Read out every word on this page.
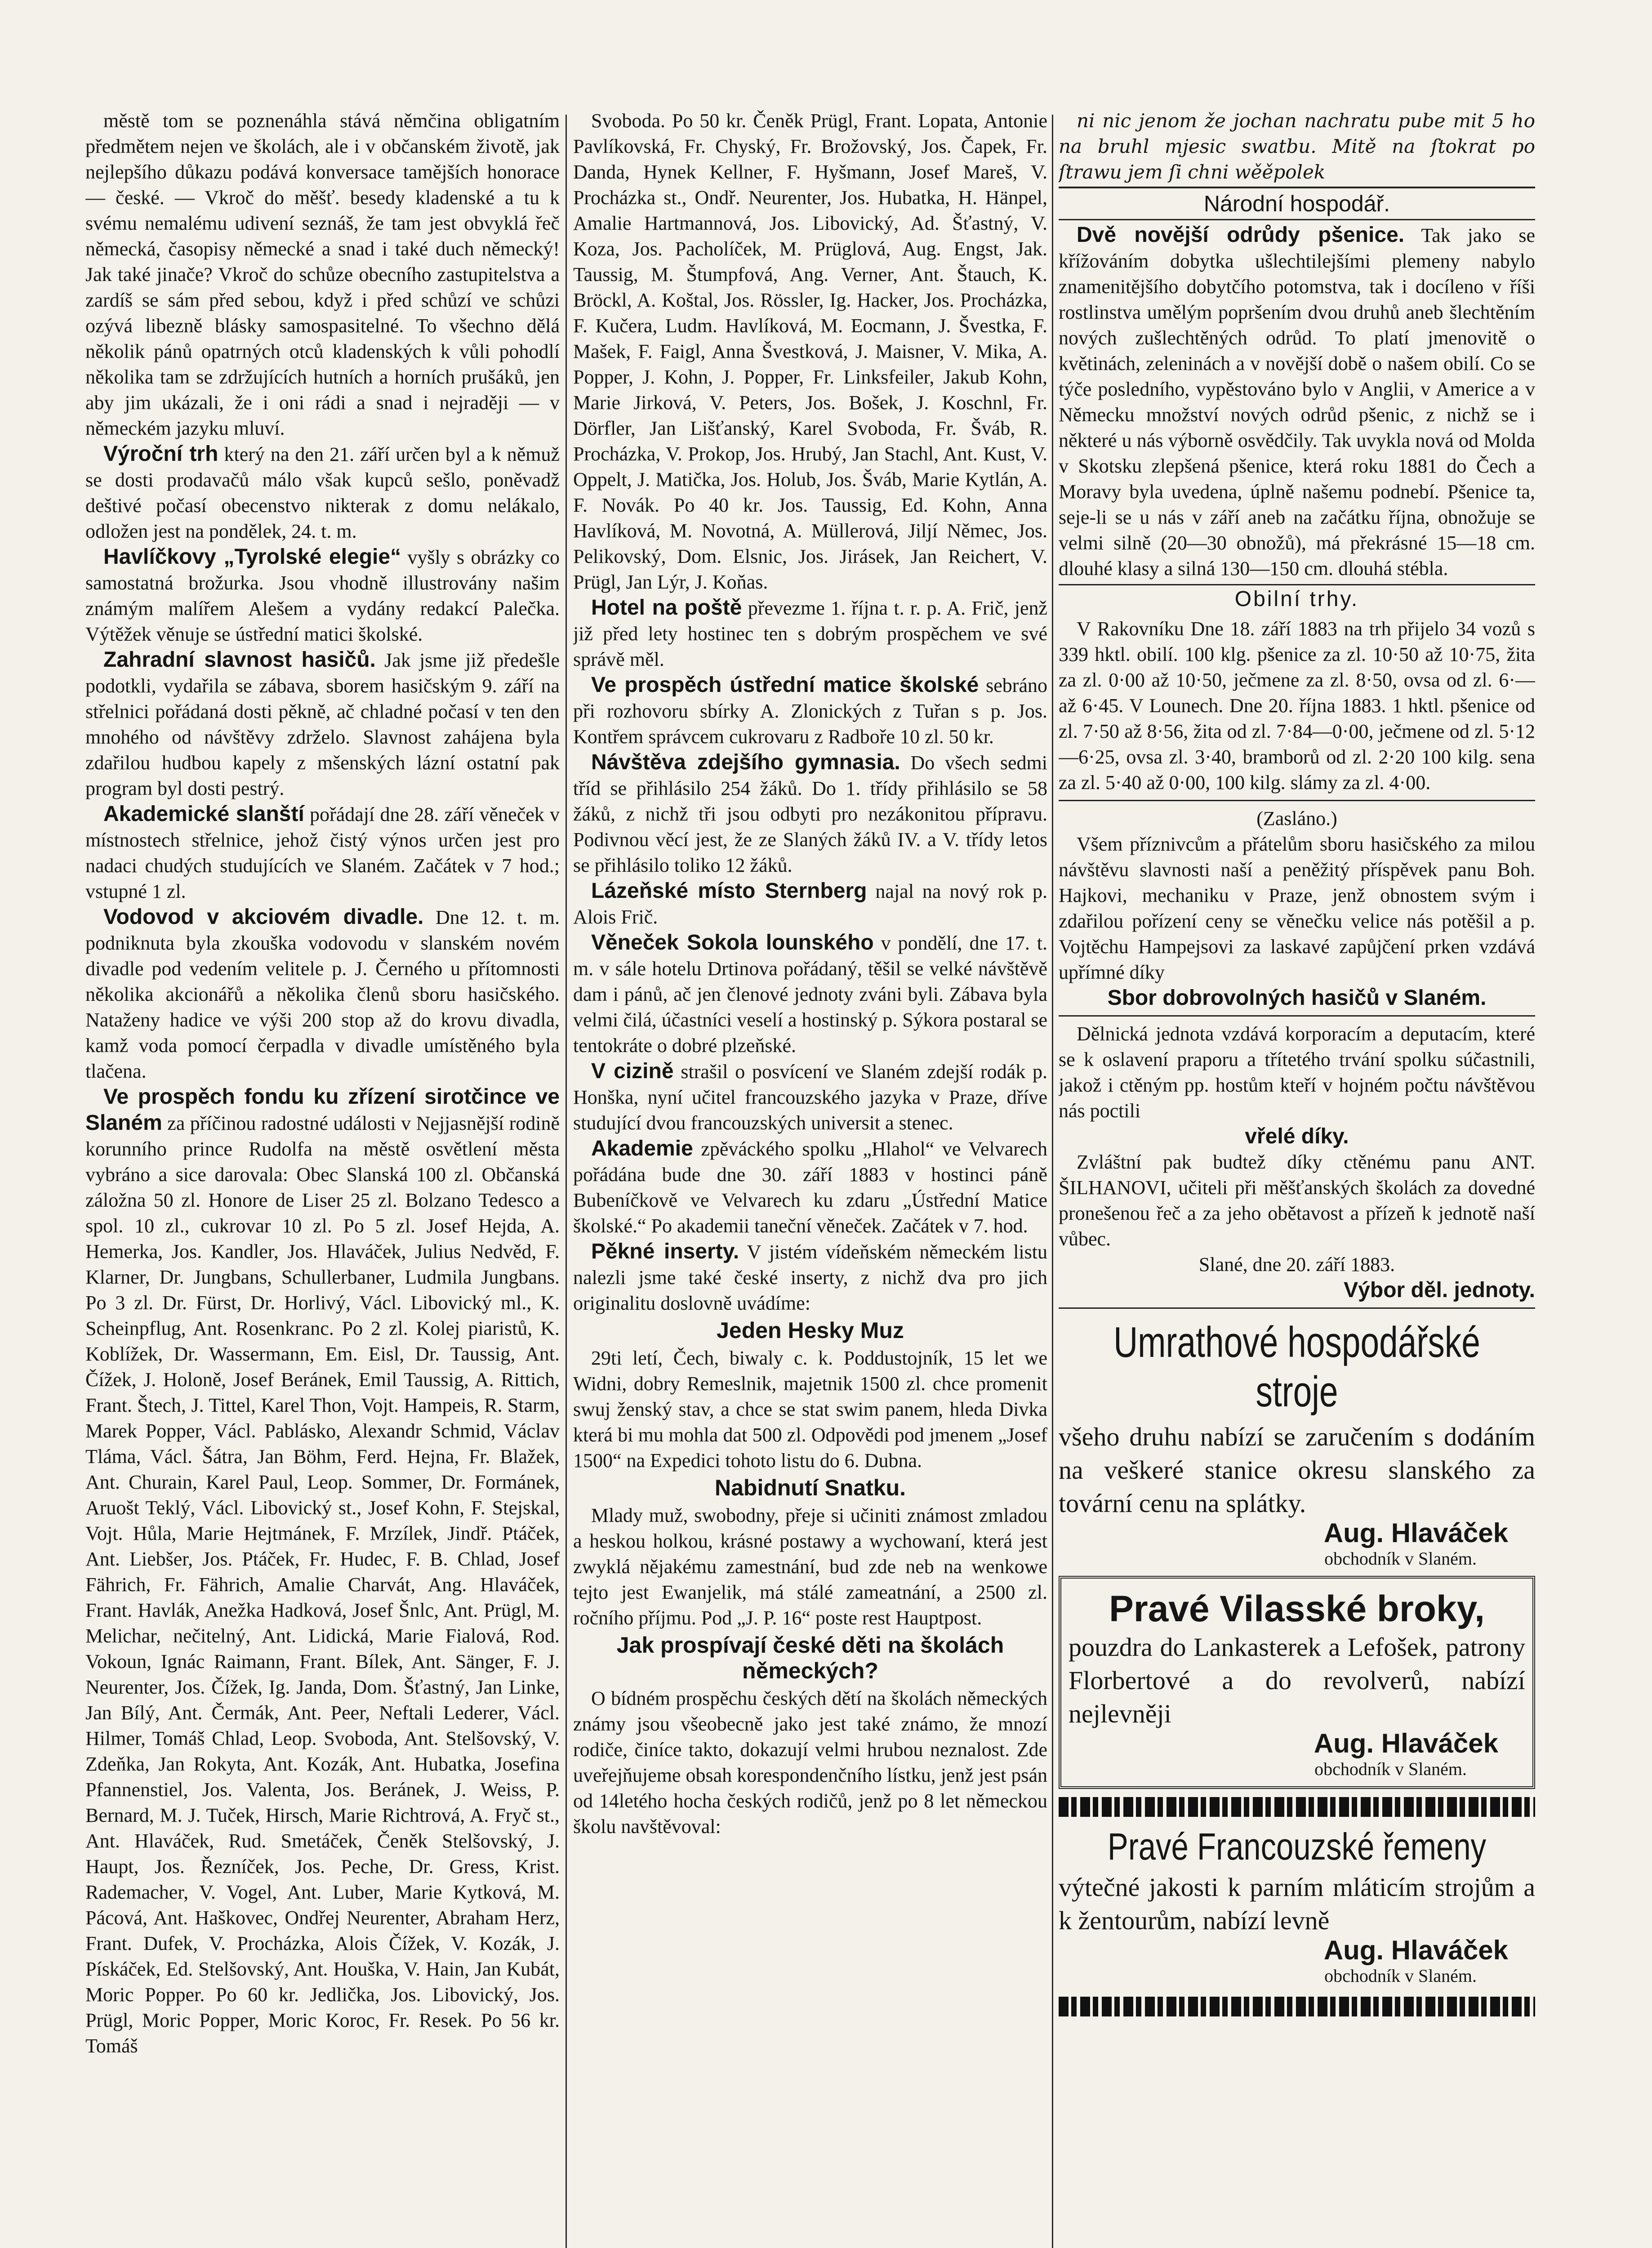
městě tom se poznenáhla stává němčina obligatním předmětem nejen ve školách, ale i v občanském životě, jak nejlepšího důkazu podává konversace tamějších honorace — české. — Vkroč do měšť. besedy kladenské a tu k svému nemalému udivení seznáš, že tam jest obvyklá řeč německá, časopisy německé a snad i také duch německý! Jak také jinače? Vkroč do schůze obecního zastupitelstva a zardíš se sám před sebou, když i před schůzí ve schůzi ozývá libezně blásky samospasitelné. To všechno dělá několik pánů opatrných otců kladenských k vůli pohodlí několika tam se zdržujících hutních a horních prušáků, jen aby jim ukázali, že i oni rádi a snad i nejraději — v německém jazyku mluví.

Výroční trh který na den 21. září určen byl a k němuž se dosti prodavačů málo však kupců sešlo, poněvadž deštivé počasí obecenstvo nikterak z domu nelákalo, odložen jest na pondělek, 24. t. m.

Havlíčkovy „Tyrolské elegie“ vyšly s obrázky co samostatná brožurka. Jsou vhodně illustrovány našim známým malířem Alešem a vydány redakcí Palečka. Výtěžek věnuje se ústřední matici školské.

Zahradní slavnost hasičů. Jak jsme již předešle podotkli, vydařila se zábava, sborem hasičským 9. září na střelnici pořádaná dosti pěkně, ač chladné počasí v ten den mnohého od návštěvy zdrželo. Slavnost zahájena byla zdařilou hudbou kapely z mšenských lázní ostatní pak program byl dosti pestrý.

Akademické slanští pořádají dne 28. září věneček v místnostech střelnice, jehož čistý výnos určen jest pro nadaci chudých studujících ve Slaném. Začátek v 7 hod.; vstupné 1 zl.

Vodovod v akciovém divadle. Dne 12. t. m. podniknuta byla zkouška vodovodu v slanském novém divadle pod vedením velitele p. J. Černého u přítomnosti několika akcionářů a několika členů sboru hasičského. Nataženy hadice ve výši 200 stop až do krovu divadla, kamž voda pomocí čerpadla v divadle umístěného byla tlačena.

Ve prospěch fondu ku zřízení sirotčince ve Slaném za příčinou radostné události v Nejjasnější rodině korunního prince Rudolfa na městě osvětlení města vybráno a sice darovala: Obec Slanská 100 zl. Občanská záložna 50 zl. Honore de Liser 25 zl. Bolzano Tedesco a spol. 10 zl., cukrovar 10 zl. Po 5 zl. Josef Hejda, A. Hemerka, Jos. Kandler, Jos. Hlaváček, Julius Nedvěd, F. Klarner, Dr. Jungbans, Schullerbaner, Ludmila Jungbans. Po 3 zl. Dr. Fürst, Dr. Horlivý, Václ. Libovický ml., K. Scheinpflug, Ant. Rosenkranc. Po 2 zl. Kolej piaristů, K. Koblížek, Dr. Wassermann, Em. Eisl, Dr. Taussig, Ant. Čížek, J. Holoně, Josef Beránek, Emil Taussig, A. Rittich, Frant. Štech, J. Tittel, Karel Thon, Vojt. Hampeis, R. Starm, Marek Popper, Václ. Pablásko, Alexandr Schmid, Václav Tláma, Václ. Šátra, Jan Böhm, Ferd. Hejna, Fr. Blažek, Ant. Churain, Karel Paul, Leop. Sommer, Dr. Formánek, Aruošt Teklý, Václ. Libovický st., Josef Kohn, F. Stejskal, Vojt. Hůla, Marie Hejtmánek, F. Mrzílek, Jindř. Ptáček, Ant. Liebšer, Jos. Ptáček, Fr. Hudec, F. B. Chlad, Josef Fährich, Fr. Fährich, Amalie Charvát, Ang. Hlaváček, Frant. Havlák, Anežka Hadková, Josef Šnlc, Ant. Prügl, M. Melichar, nečitelný, Ant. Lidická, Marie Fialová, Rod. Vokoun, Ignác Raimann, Frant. Bílek, Ant. Sänger, F. J. Neurenter, Jos. Čížek, Ig. Janda, Dom. Šťastný, Jan Linke, Jan Bílý, Ant. Čermák, Ant. Peer, Neftali Lederer, Václ. Hilmer, Tomáš Chlad, Leop. Svoboda, Ant. Stelšovský, V. Zdeňka, Jan Rokyta, Ant. Kozák, Ant. Hubatka, Josefina Pfannenstiel, Jos. Valenta, Jos. Beránek, J. Weiss, P. Bernard, M. J. Tuček, Hirsch, Marie Richtrová, A. Fryč st., Ant. Hlaváček, Rud. Smetáček, Čeněk Stelšovský, J. Haupt, Jos. Řezníček, Jos. Peche, Dr. Gress, Krist. Rademacher, V. Vogel, Ant. Luber, Marie Kytková, M. Pácová, Ant. Haškovec, Ondřej Neurenter, Abraham Herz, Frant. Dufek, V. Procházka, Alois Čížek, V. Kozák, J. Pískáček, Ed. Stelšovský, Ant. Houška, V. Hain, Jan Kubát, Moric Popper. Po 60 kr. Jedlička, Jos. Libovický, Jos. Prügl, Moric Popper, Moric Koroc, Fr. Resek. Po 56 kr. Tomáš

Svoboda. Po 50 kr. Čeněk Prügl, Frant. Lopata, Antonie Pavlíkovská, Fr. Chyský, Fr. Brožovský, Jos. Čapek, Fr. Danda, Hynek Kellner, F. Hyšmann, Josef Mareš, V. Procházka st., Ondř. Neurenter, Jos. Hubatka, H. Hänpel, Amalie Hartmannová, Jos. Libovický, Ad. Šťastný, V. Koza, Jos. Pacholíček, M. Prüglová, Aug. Engst, Jak. Taussig, M. Štumpfová, Ang. Verner, Ant. Štauch, K. Bröckl, A. Koštal, Jos. Rössler, Ig. Hacker, Jos. Procházka, F. Kučera, Ludm. Havlíková, M. Eocmann, J. Švestka, F. Mašek, F. Faigl, Anna Švestková, J. Maisner, V. Mika, A. Popper, J. Kohn, J. Popper, Fr. Linksfeiler, Jakub Kohn, Marie Jirková, V. Peters, Jos. Bošek, J. Koschnl, Fr. Dörfler, Jan Lišťanský, Karel Svoboda, Fr. Šváb, R. Procházka, V. Prokop, Jos. Hrubý, Jan Stachl, Ant. Kust, V. Oppelt, J. Matička, Jos. Holub, Jos. Šváb, Marie Kytlán, A. F. Novák. Po 40 kr. Jos. Taussig, Ed. Kohn, Anna Havlíková, M. Novotná, A. Müllerová, Jiljí Němec, Jos. Pelikovský, Dom. Elsnic, Jos. Jirásek, Jan Reichert, V. Prügl, Jan Lýr, J. Koňas.

Hotel na poště převezme 1. října t. r. p. A. Frič, jenž již před lety hostinec ten s dobrým prospěchem ve své správě měl.

Ve prospěch ústřední matice školské sebráno při rozhovoru sbírky A. Zlonických z Tuřan s p. Jos. Kontřem správcem cukrovaru z Radboře 10 zl. 50 kr.

Návštěva zdejšího gymnasia. Do všech sedmi tříd se přihlásilo 254 žáků. Do 1. třídy přihlásilo se 58 žáků, z nichž tři jsou odbyti pro nezákonitou přípravu. Podivnou věcí jest, že ze Slaných žáků IV. a V. třídy letos se přihlásilo toliko 12 žáků.

Lázeňské místo Sternberg najal na nový rok p. Alois Frič.

Věneček Sokola lounského v pondělí, dne 17. t. m. v sále hotelu Drtinova pořádaný, těšil se velké návštěvě dam i pánů, ač jen členové jednoty zváni byli. Zábava byla velmi čilá, účastníci veselí a hostinský p. Sýkora postaral se tentokráte o dobré plzeňské.

V cizině strašil o posvícení ve Slaném zdejší rodák p. Honška, nyní učitel francouzského jazyka v Praze, dříve studující dvou francouzských universit a stenec.

Akademie zpěváckého spolku „Hlahol“ ve Velvarech pořádána bude dne 30. září 1883 v hostinci páně Bubeníčkově ve Velvarech ku zdaru „Ústřední Matice školské.“ Po akademii taneční věneček. Začátek v 7. hod.

Pěkné inserty. V jistém vídeňském německém listu nalezli jsme také české inserty, z nichž dva pro jich originalitu doslovně uvádíme:

Jeden Hesky Muz

29ti letí, Čech, biwaly c. k. Poddustojník, 15 let we Widni, dobry Remeslnik, majetnik 1500 zl. chce promenit swuj ženský stav, a chce se stat swim panem, hleda Divka která bi mu mohla dat 500 zl. Odpovědi pod jmenem „Josef 1500“ na Expedici tohoto listu do 6. Dubna.

Nabidnutí Snatku.

Mlady muž, swobodny, přeje si učiniti známost zmladou a heskou holkou, krásné postawy a wychowaní, která jest zwyklá nějakému zamestnání, bud zde neb na wenkowe tejto jest Ewanjelik, má stálé zameatnání, a 2500 zl. ročního příjmu. Pod „J. P. 16“ poste rest Hauptpost.

Jak prospívají české děti na školách německých?

O bídném prospěchu českých dětí na školách německých známy jsou všeobecně jako jest také známo, že mnozí rodiče, činíce takto, dokazují velmi hrubou neznalost. Zde uveřejňujeme obsah korespondenčního lístku, jenž jest psán od 14letého hocha českých rodičů, jenž po 8 let německou školu navštěvoval:

ni nic jenom že jochan nachratu pube mit 5 ho na bruhl mjesic swatbu. Mitě na ſtokrat po ſtrawu jem ſi chni wěěpolek

Národní hospodář.

Dvě novější odrůdy pšenice. Tak jako se křížováním dobytka ušlechtilejšími plemeny nabylo znamenitějšího dobytčího potomstva, tak i docíleno v říši rostlinstva umělým popršením dvou druhů aneb šlechtěním nových zušlechtěných odrůd. To platí jmenovitě o květinách, zeleninách a v novější době o našem obilí. Co se týče posledního, vypěstováno bylo v Anglii, v Americe a v Německu množství nových odrůd pšenic, z nichž se i některé u nás výborně osvědčily. Tak uvykla nová od Molda v Skotsku zlepšená pšenice, která roku 1881 do Čech a Moravy byla uvedena, úplně našemu podnebí. Pšenice ta, seje-li se u nás v září aneb na začátku října, obnožuje se velmi silně (20—30 obnožů), má překrásné 15—18 cm. dlouhé klasy a silná 130—150 cm. dlouhá stébla.

Obilní trhy.

V Rakovníku Dne 18. září 1883 na trh přijelo 34 vozů s 339 hktl. obilí. 100 klg. pšenice za zl. 10·50 až 10·75, žita za zl. 0·00 až 10·50, ječmene za zl. 8·50, ovsa od zl. 6·— až 6·45. V Lounech. Dne 20. října 1883. 1 hktl. pšenice od zl. 7·50 až 8·56, žita od zl. 7·84—0·00, ječmene od zl. 5·12—6·25, ovsa zl. 3·40, bramborů od zl. 2·20 100 kilg. sena za zl. 5·40 až 0·00, 100 kilg. slámy za zl. 4·00.

(Zasláno.)

Všem příznivcům a přátelům sboru hasičského za milou návštěvu slavnosti naší a peněžitý příspěvek panu Boh. Hajkovi, mechaniku v Praze, jenž obnostem svým i zdařilou pořízení ceny se věnečku velice nás potěšil a p. Vojtěchu Hampejsovi za laskavé zapůjčení prken vzdává upřímné díky

Sbor dobrovolných hasičů v Slaném.

Dělnická jednota vzdává korporacím a deputacím, které se k oslavení praporu a třítetého trvání spolku súčastnili, jakož i ctěným pp. hostům kteří v hojném počtu návštěvou nás poctili

vřelé díky.

Zvláštní pak budtež díky ctěnému panu ANT. ŠILHANOVI, učiteli při měšťanských školách za dovedné pronešenou řeč a za jeho obětavost a přízeň k jednotě naší vůbec.

Slané, dne 20. září 1883.

Výbor děl. jednoty.

Umrathové hospodářské stroje

všeho druhu nabízí se zaručením s dodáním na veškeré stanice okresu slanského za tovární cenu na splátky.

Aug. Hlaváček

obchodník v Slaném.

Pravé Vilasské broky,

pouzdra do Lankasterek a Lefošek, patrony Florbertové a do revolverů, nabízí nejlevněji

Aug. Hlaváček

obchodník v Slaném.

Pravé Francouzské řemeny

výtečné jakosti k parním mláticím strojům a k žentourům, nabízí levně

Aug. Hlaváček

obchodník v Slaném.
